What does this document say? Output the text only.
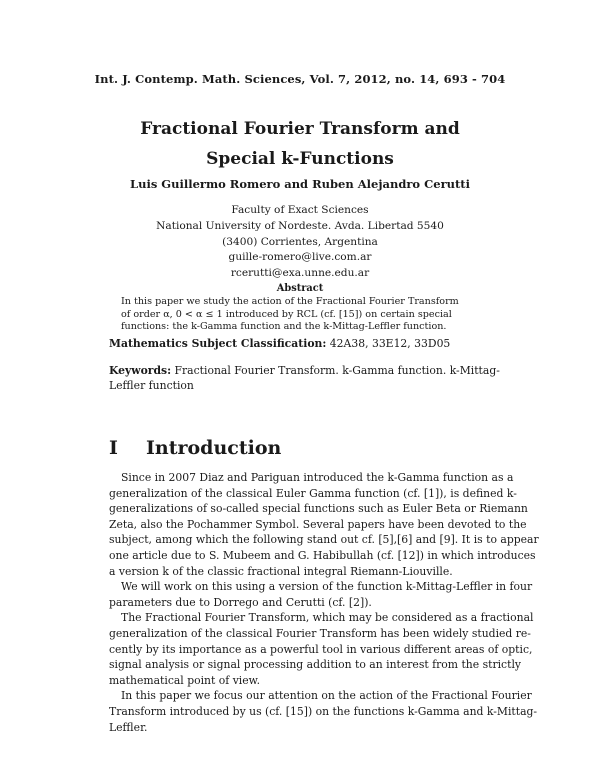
Int. J. Contemp. Math. Sciences, Vol. 7, 2012, no. 14, 693 - 704
Fractional Fourier Transform and
Special k-Functions
Luis Guillermo Romero and Ruben Alejandro Cerutti
Faculty of Exact Sciences
National University of Nordeste. Avda. Libertad 5540
(3400) Corrientes, Argentina
guille-romero@live.com.ar
rcerutti@exa.unne.edu.ar
Abstract
In this paper we study the action of the Fractional Fourier Transform
of order α, 0 < α ≤ 1 introduced by RCL (cf. [15]) on certain special
functions: the k-Gamma function and the k-Mittag-Leffler function.
Mathematics Subject Classification: 42A38, 33E12, 33D05
Keywords: Fractional Fourier Transform. k-Gamma function. k-Mittag-
Leffler function
I Introduction
Since in 2007 Diaz and Pariguan introduced the k-Gamma function as a
generalization of the classical Euler Gamma function (cf. [1]), is defined k-
generalizations of so-called special functions such as Euler Beta or Riemann
Zeta, also the Pochammer Symbol. Several papers have been devoted to the
subject, among which the following stand out cf. [5],[6] and [9]. It is to appear
one article due to S. Mubeem and G. Habibullah (cf. [12]) in which introduces
a version k of the classic fractional integral Riemann-Liouville.
We will work on this using a version of the function k-Mittag-Leffler in four
parameters due to Dorrego and Cerutti (cf. [2]).
The Fractional Fourier Transform, which may be considered as a fractional
generalization of the classical Fourier Transform has been widely studied re-
cently by its importance as a powerful tool in various different areas of optic,
signal analysis or signal processing addition to an interest from the strictly
mathematical point of view.
In this paper we focus our attention on the action of the Fractional Fourier
Transform introduced by us (cf. [15]) on the functions k-Gamma and k-Mittag-
Leffler.
